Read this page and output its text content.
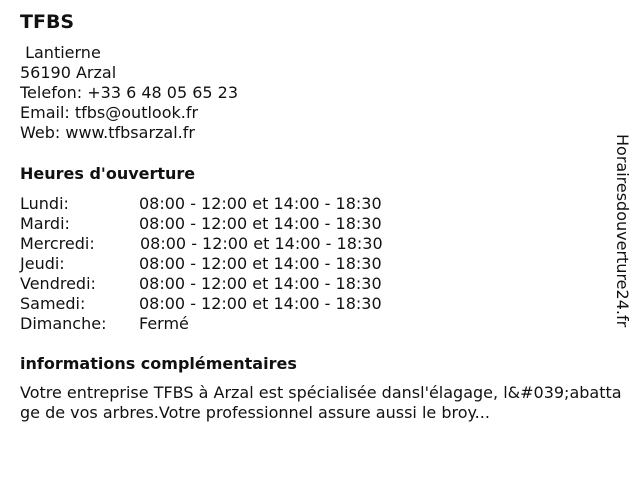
TFBS
Lantierne
56190 Arzal
Telefon: +33 6 48 05 65 23
Email: tfbs@outlook.fr
Web: www.tfbsarzal.fr
Heures d'ouverture
Lundi:	08:00 - 12:00 et 14:00 - 18:30
Mardi:	08:00 - 12:00 et 14:00 - 18:30
Mercredi:	08:00 - 12:00 et 14:00 - 18:30
Jeudi:	08:00 - 12:00 et 14:00 - 18:30
Vendredi:	08:00 - 12:00 et 14:00 - 18:30
Samedi:	08:00 - 12:00 et 14:00 - 18:30
Dimanche: Fermé
informations complémentaires

Votre entreprise TFBS à Arzal est spécialisée dansl'élagage, l&#039;abattage de vos arbres.Votre professionnel assure aussi le broy...

Horairesdouverture24.fr
